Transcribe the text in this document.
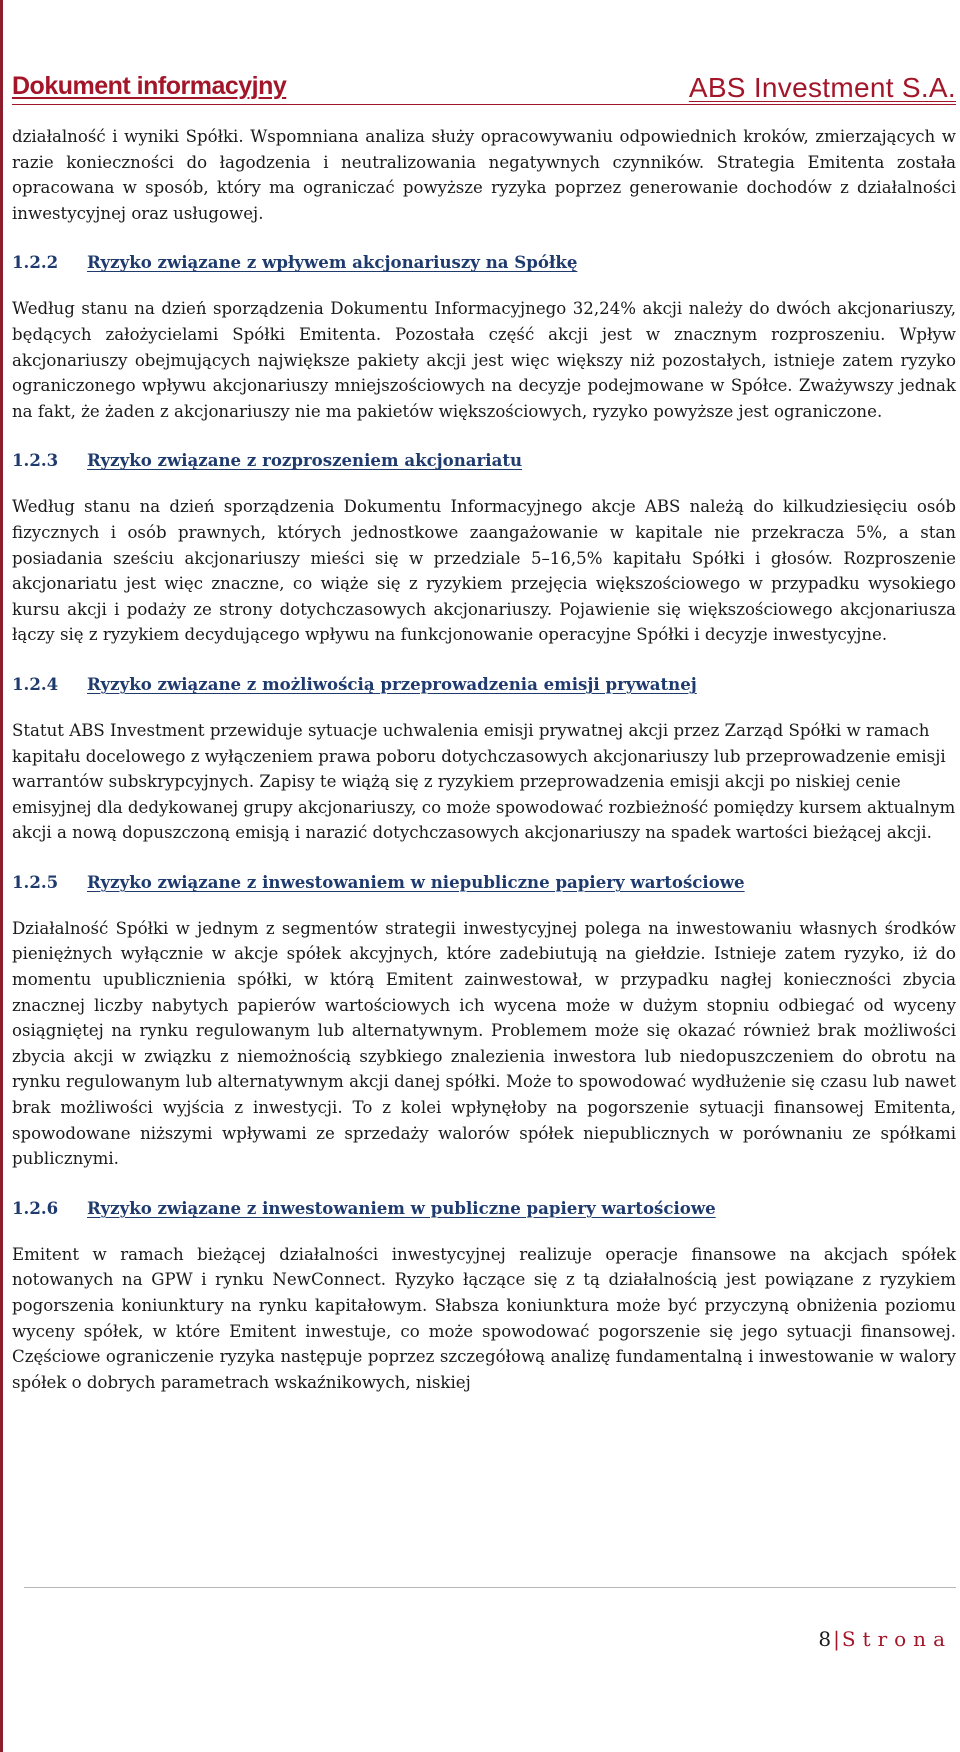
Dokument informacyjny	ABS Investment S.A.

działalność i wyniki Spółki. Wspomniana analiza służy opracowywaniu odpowiednich kroków, zmierzających w razie konieczności do łagodzenia i neutralizowania negatywnych czynników. Strategia Emitenta została opracowana w sposób, który ma ograniczać powyższe ryzyka poprzez generowanie dochodów z działalności inwestycyjnej oraz usługowej.

1.2.2 Ryzyko związane z wpływem akcjonariuszy na Spółkę

Według stanu na dzień sporządzenia Dokumentu Informacyjnego 32,24% akcji należy do dwóch akcjonariuszy, będących założycielami Spółki Emitenta. Pozostała część akcji jest w znacznym rozproszeniu. Wpływ akcjonariuszy obejmujących największe pakiety akcji jest więc większy niż pozostałych, istnieje zatem ryzyko ograniczonego wpływu akcjonariuszy mniejszościowych na decyzje podejmowane w Spółce. Zważywszy jednak na fakt, że żaden z akcjonariuszy nie ma pakietów większościowych, ryzyko powyższe jest ograniczone.

1.2.3 Ryzyko związane z rozproszeniem akcjonariatu

Według stanu na dzień sporządzenia Dokumentu Informacyjnego akcje ABS należą do kilkudziesięciu osób fizycznych i osób prawnych, których jednostkowe zaangażowanie w kapitale nie przekracza 5%, a stan posiadania sześciu akcjonariuszy mieści się w przedziale 5–16,5% kapitału Spółki i głosów. Rozproszenie akcjonariatu jest więc znaczne, co wiąże się z ryzykiem przejęcia większościowego w przypadku wysokiego kursu akcji i podaży ze strony dotychczasowych akcjonariuszy. Pojawienie się większościowego akcjonariusza łączy się z ryzykiem decydującego wpływu na funkcjonowanie operacyjne Spółki i decyzje inwestycyjne.

1.2.4 Ryzyko związane z możliwością przeprowadzenia emisji prywatnej

Statut ABS Investment przewiduje sytuacje uchwalenia emisji prywatnej akcji przez Zarząd Spółki w ramach kapitału docelowego z wyłączeniem prawa poboru dotychczasowych akcjonariuszy lub przeprowadzenie emisji warrantów subskrypcyjnych. Zapisy te wiążą się z ryzykiem przeprowadzenia emisji akcji po niskiej cenie emisyjnej dla dedykowanej grupy akcjonariuszy, co może spowodować rozbieżność pomiędzy kursem aktualnym akcji a nową dopuszczoną emisją i narazić dotychczasowych akcjonariuszy na spadek wartości bieżącej akcji.

1.2.5 Ryzyko związane z inwestowaniem w niepubliczne papiery wartościowe

Działalność Spółki w jednym z segmentów strategii inwestycyjnej polega na inwestowaniu własnych środków pieniężnych wyłącznie w akcje spółek akcyjnych, które zadebiutują na giełdzie. Istnieje zatem ryzyko, iż do momentu upublicznienia spółki, w którą Emitent zainwestował, w przypadku nagłej konieczności zbycia znacznej liczby nabytych papierów wartościowych ich wycena może w dużym stopniu odbiegać od wyceny osiągniętej na rynku regulowanym lub alternatywnym. Problemem może się okazać również brak możliwości zbycia akcji w związku z niemożnością szybkiego znalezienia inwestora lub niedopuszczeniem do obrotu na rynku regulowanym lub alternatywnym akcji danej spółki. Może to spowodować wydłużenie się czasu lub nawet brak możliwości wyjścia z inwestycji. To z kolei wpłynęłoby na pogorszenie sytuacji finansowej Emitenta, spowodowane niższymi wpływami ze sprzedaży walorów spółek niepublicznych w porównaniu ze spółkami publicznymi.

1.2.6 Ryzyko związane z inwestowaniem w publiczne papiery wartościowe

Emitent w ramach bieżącej działalności inwestycyjnej realizuje operacje finansowe na akcjach spółek notowanych na GPW i rynku NewConnect. Ryzyko łączące się z tą działalnością jest powiązane z ryzykiem pogorszenia koniunktury na rynku kapitałowym. Słabsza koniunktura może być przyczyną obniżenia poziomu wyceny spółek, w które Emitent inwestuje, co może spowodować pogorszenie się jego sytuacji finansowej. Częściowe ograniczenie ryzyka następuje poprzez szczegółową analizę fundamentalną i inwestowanie w walory spółek o dobrych parametrach wskaźnikowych, niskiej

8 | Strona
